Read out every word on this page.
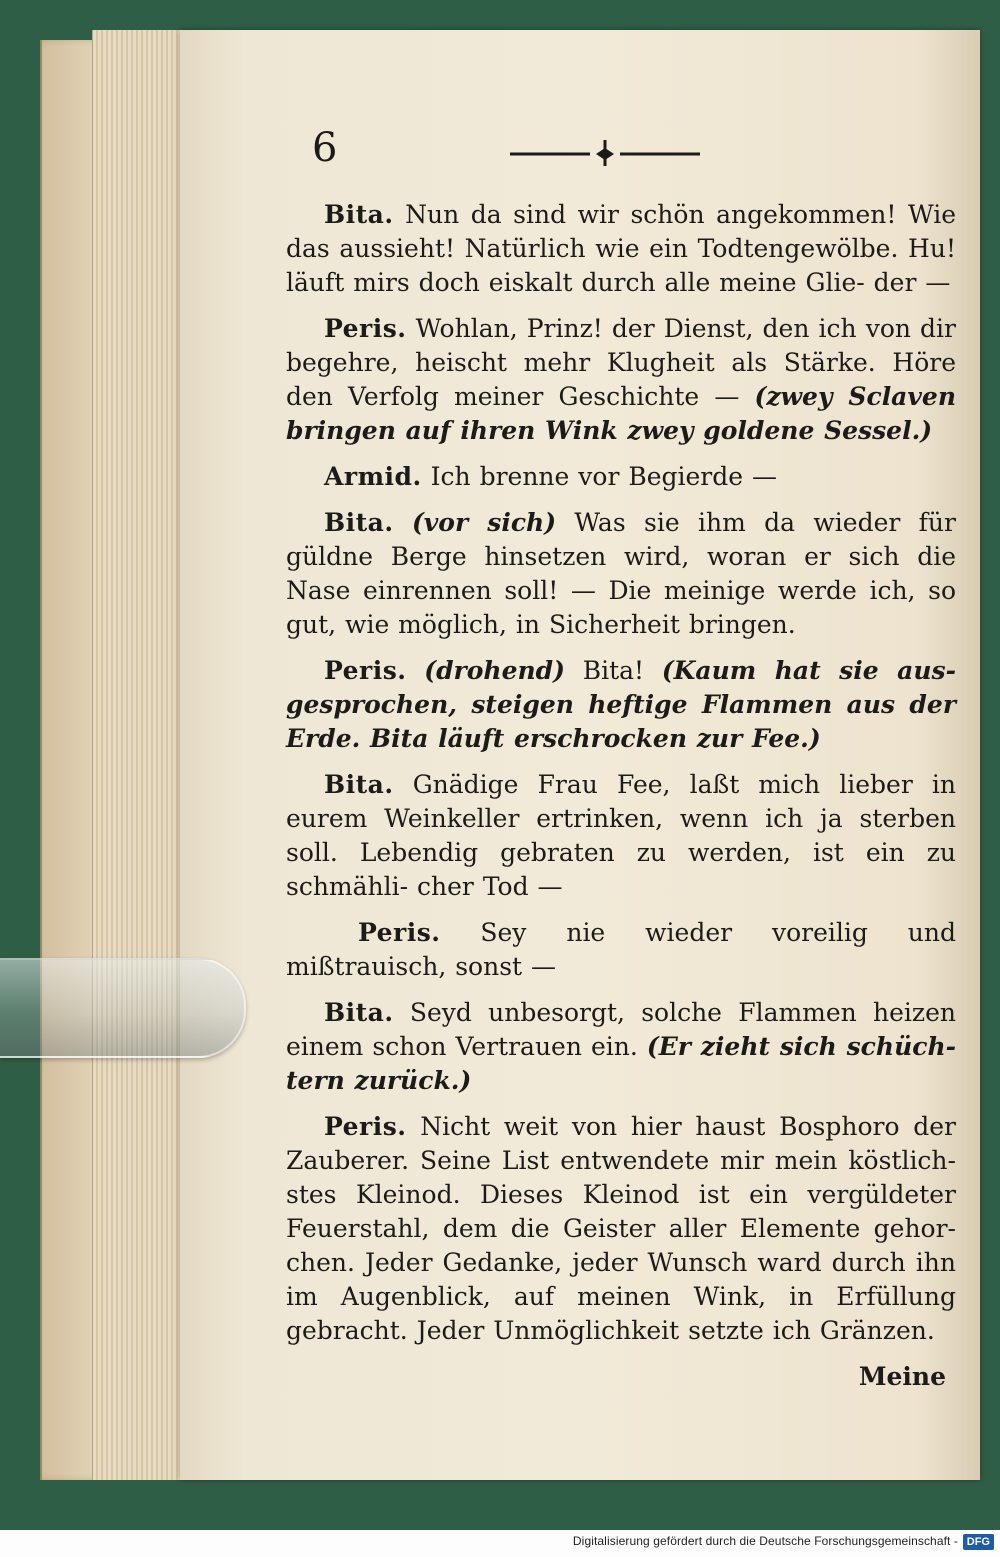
6

Bita. Nun da sind wir schön angekommen! Wie das aussieht! Natürlich wie ein Todtengewölbe. Hu! läuft mirs doch eiskalt durch alle meine Glie- der —

Peris. Wohlan, Prinz! der Dienst, den ich von dir begehre, heischt mehr Klugheit als Stärke. Höre den Verfolg meiner Geschichte — (zwey Sclaven bringen auf ihren Wink zwey goldene Sessel.)

Armid. Ich brenne vor Begierde —

Bita. (vor sich) Was sie ihm da wieder für güldne Berge hinsetzen wird, woran er sich die Nase einrennen soll! — Die meinige werde ich, so gut, wie möglich, in Sicherheit bringen.

Peris. (drohend) Bita! (Kaum hat sie aus- gesprochen, steigen heftige Flammen aus der Erde. Bita läuft erschrocken zur Fee.)

Bita. Gnädige Frau Fee, laßt mich lieber in eurem Weinkeller ertrinken, wenn ich ja sterben soll. Lebendig gebraten zu werden, ist ein zu schmähli- cher Tod —

Peris. Sey nie wieder voreilig und mißtrauisch, sonst —

Bita. Seyd unbesorgt, solche Flammen heizen einem schon Vertrauen ein. (Er zieht sich schüch- tern zurück.)

Peris. Nicht weit von hier haust Bosphoro der Zauberer. Seine List entwendete mir mein köstlich- stes Kleinod. Dieses Kleinod ist ein vergüldeter Feuerstahl, dem die Geister aller Elemente gehor- chen. Jeder Gedanke, jeder Wunsch ward durch ihn im Augenblick, auf meinen Wink, in Erfüllung gebracht. Jeder Unmöglichkeit setzte ich Gränzen.

Meine

Digitalisierung gefördert durch die Deutsche Forschungsgemeinschaft - DFG
